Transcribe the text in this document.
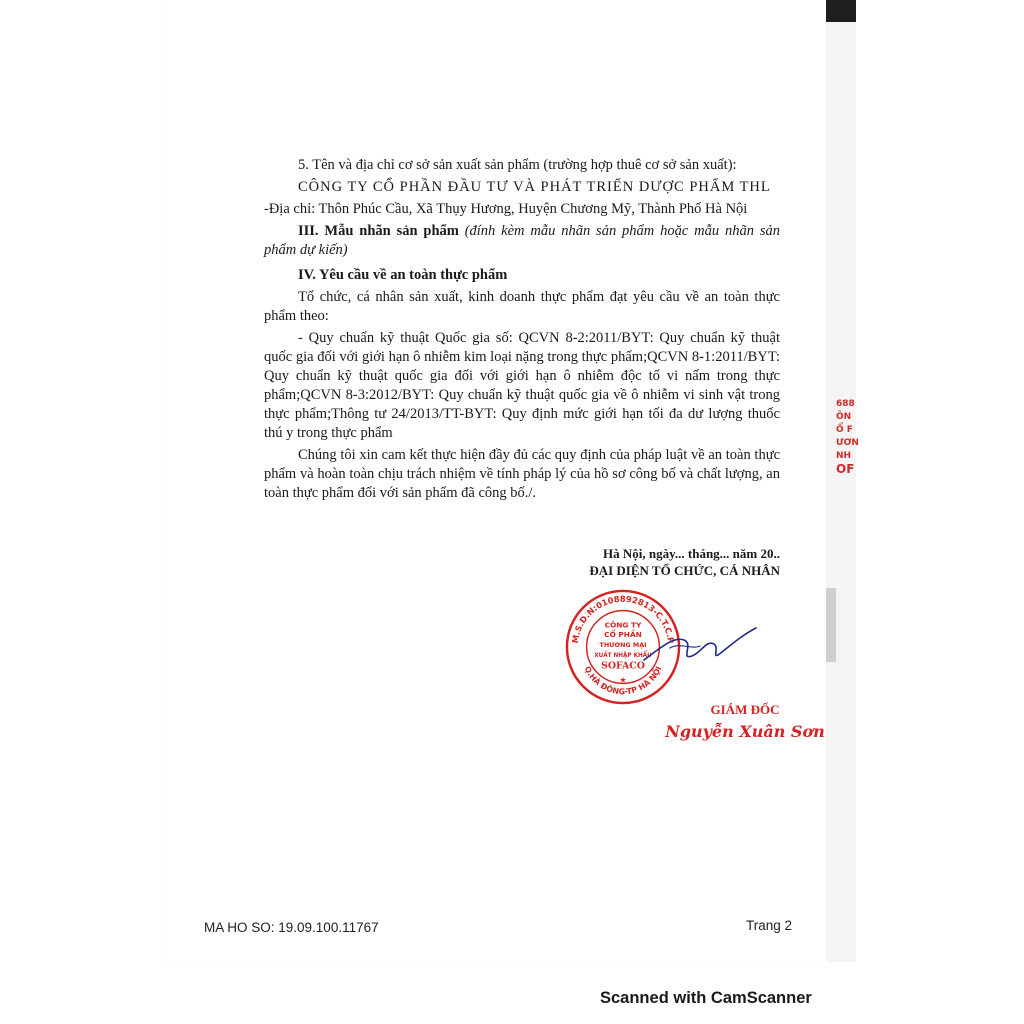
688
ÔN
Ổ F
ƯƠN
NH
OF

5. Tên và địa chỉ cơ sở sản xuất sản phẩm (trường hợp thuê cơ sở sản xuất):

CÔNG TY CỔ PHẦN ĐẦU TƯ VÀ PHÁT TRIỂN DƯỢC PHẨM THL

-Địa chỉ: Thôn Phúc Cầu, Xã Thụy Hương, Huyện Chương Mỹ, Thành Phố Hà Nội

III. Mẫu nhãn sản phẩm (đính kèm mẫu nhãn sản phẩm hoặc mẫu nhãn sản phẩm dự kiến)

IV. Yêu cầu về an toàn thực phẩm

Tổ chức, cá nhân sản xuất, kinh doanh thực phẩm đạt yêu cầu về an toàn thực phẩm theo:

- Quy chuẩn kỹ thuật Quốc gia số: QCVN 8-2:2011/BYT: Quy chuẩn kỹ thuật quốc gia đối với giới hạn ô nhiễm kim loại nặng trong thực phẩm;QCVN 8-1:2011/BYT: Quy chuẩn kỹ thuật quốc gia đối với giới hạn ô nhiễm độc tố vi nấm trong thực phẩm;QCVN 8-3:2012/BYT: Quy chuẩn kỹ thuật quốc gia về ô nhiễm vi sinh vật trong thực phẩm;Thông tư 24/2013/TT-BYT: Quy định mức giới hạn tối đa dư lượng thuốc thú y trong thực phẩm

Chúng tôi xin cam kết thực hiện đầy đủ các quy định của pháp luật về an toàn thực phẩm và hoàn toàn chịu trách nhiệm về tính pháp lý của hồ sơ công bố và chất lượng, an toàn thực phẩm đối với sản phẩm đã công bố./.

Hà Nội, ngày... tháng... năm 20..
ĐẠI DIỆN TỔ CHỨC, CÁ NHÂN
M.S.D.N:0108892813-C.T.C.P
Q.HÀ ĐÔNG-TP HÀ NỘI
CÔNG TY
CỔ PHẦN
THƯƠNG MẠI
XUẤT NHẬP KHẨU
SOFACO
★
GIÁM ĐỐC
Nguyễn Xuân Sơn
MA HO SO: 19.09.100.11767	Trang 2
Scanned with CamScanner
